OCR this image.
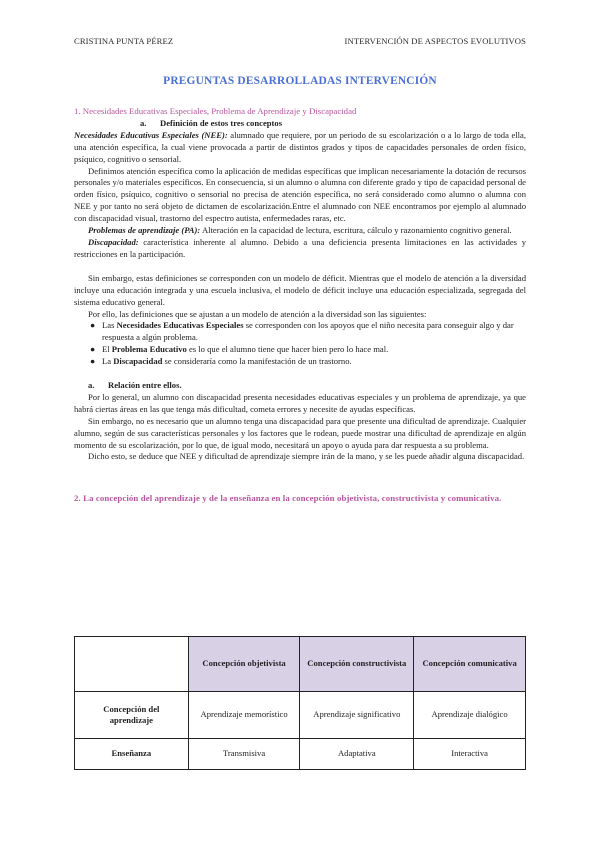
CRISTINA PUNTA PÉREZ	INTERVENCIÓN DE ASPECTOS EVOLUTIVOS
PREGUNTAS DESARROLLADAS INTERVENCIÓN
1. Necesidades Educativas Especiales, Problema de Aprendizaje y Discapacidad
a. Definición de estos tres conceptos

Necesidades Educativas Especiales (NEE): alumnado que requiere, por un periodo de su escolarización o a lo largo de toda ella, una atención específica, la cual viene provocada a partir de distintos grados y tipos de capacidades personales de orden físico, psíquico, cognitivo o sensorial.

Definimos atención específica como la aplicación de medidas específicas que implican necesariamente la dotación de recursos personales y/o materiales específicos. En consecuencia, si un alumno o alumna con diferente grado y tipo de capacidad personal de orden físico, psíquico, cognitivo o sensorial no precisa de atención específica, no será considerado como alumno o alumna con NEE y por tanto no será objeto de dictamen de escolarización.Entre el alumnado con NEE encontramos por ejemplo al alumnado con discapacidad visual, trastorno del espectro autista, enfermedades raras, etc.

Problemas de aprendizaje (PA): Alteración en la capacidad de lectura, escritura, cálculo y razonamiento cognitivo general.

Discapacidad: característica inherente al alumno. Debido a una deficiencia presenta limitaciones en las actividades y restricciones en la participación.

Sin embargo, estas definiciones se corresponden con un modelo de déficit. Mientras que el modelo de atención a la diversidad incluye una educación integrada y una escuela inclusiva, el modelo de déficit incluye una educación especializada, segregada del sistema educativo general.

Por ello, las definiciones que se ajustan a un modelo de atención a la diversidad son las siguientes:

● Las Necesidades Educativas Especiales se corresponden con los apoyos que el niño necesita para conseguir algo y dar respuesta a algún problema.
● El Problema Educativo es lo que el alumno tiene que hacer bien pero lo hace mal.
● La Discapacidad se consideraría como la manifestación de un trastorno.
a. Relación entre ellos.

Por lo general, un alumno con discapacidad presenta necesidades educativas especiales y un problema de aprendizaje, ya que habrá ciertas áreas en las que tenga más dificultad, cometa errores y necesite de ayudas específicas.

Sin embargo, no es necesario que un alumno tenga una discapacidad para que presente una dificultad de aprendizaje. Cualquier alumno, según de sus características personales y los factores que le rodean, puede mostrar una dificultad de aprendizaje en algún momento de su escolarización, por lo que, de igual modo, necesitará un apoyo o ayuda para dar respuesta a su problema.

Dicho esto, se deduce que NEE y dificultad de aprendizaje siempre irán de la mano, y se les puede añadir alguna discapacidad.

2. La concepción del aprendizaje y de la enseñanza en la concepción objetivista, constructivista y comunicativa.

	Concepción objetivista	Concepción constructivista	Concepción comunicativa
Concepción del aprendizaje	Aprendizaje memorístico	Aprendizaje significativo	Aprendizaje dialógico
Enseñanza	Transmisiva	Adaptativa	Interactiva
